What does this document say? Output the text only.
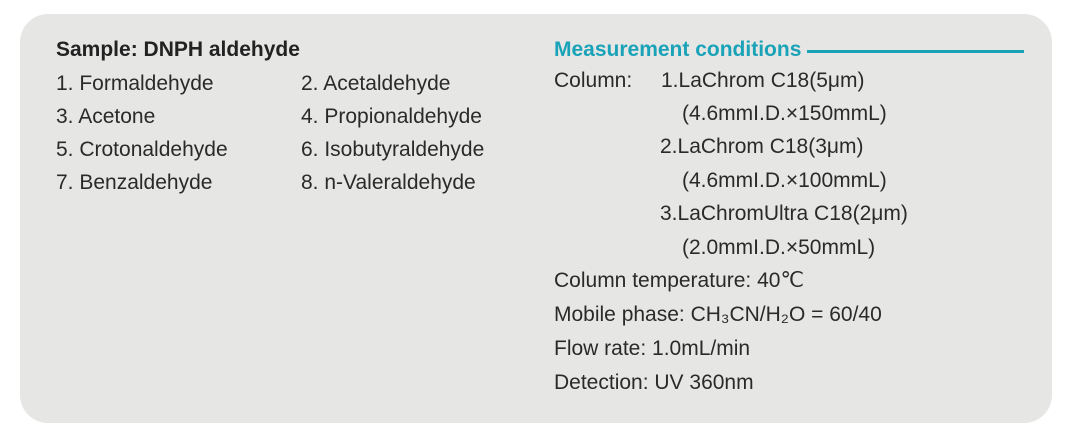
Sample: DNPH aldehyde
1. Formaldehyde	2. Acetaldehyde
3. Acetone	4. Propionaldehyde
5. Crotonaldehyde	6. Isobutyraldehyde
7. Benzaldehyde	8. n-Valeraldehyde
Measurement conditions
Column:	1.LaChrom C18(5μm)
(4.6mmI.D.×150mmL)
2.LaChrom C18(3μm)
(4.6mmI.D.×100mmL)
3.LaChromUltra C18(2μm)
(2.0mmI.D.×50mmL)
Column temperature: 40℃
Mobile phase: CH₃CN/H₂O = 60/40
Flow rate: 1.0mL/min
Detection: UV 360nm
